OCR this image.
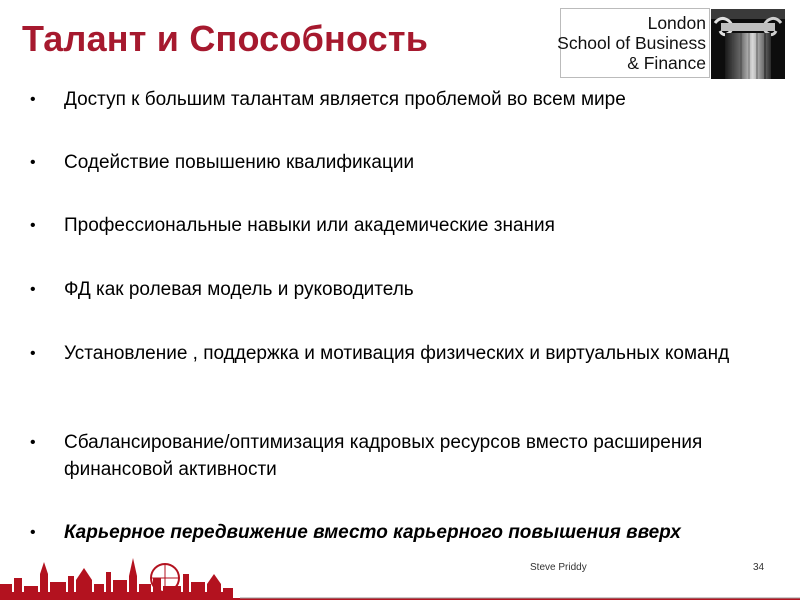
Талант и Способность	London
School of Business
& Finance
•	Доступ к большим талантам является проблемой во всем мире
•	Содействие повышению квалификации
•	Профессиональные навыки или академические знания
•	ФД как ролевая модель и руководитель
•	Установление , поддержка и мотивация физических и виртуальных команд
•	Сбалансирование/оптимизация кадровых ресурсов вместо расширения финансовой активности
•	Карьерное передвижение вместо карьерного повышения вверх
Steve Priddy	34
